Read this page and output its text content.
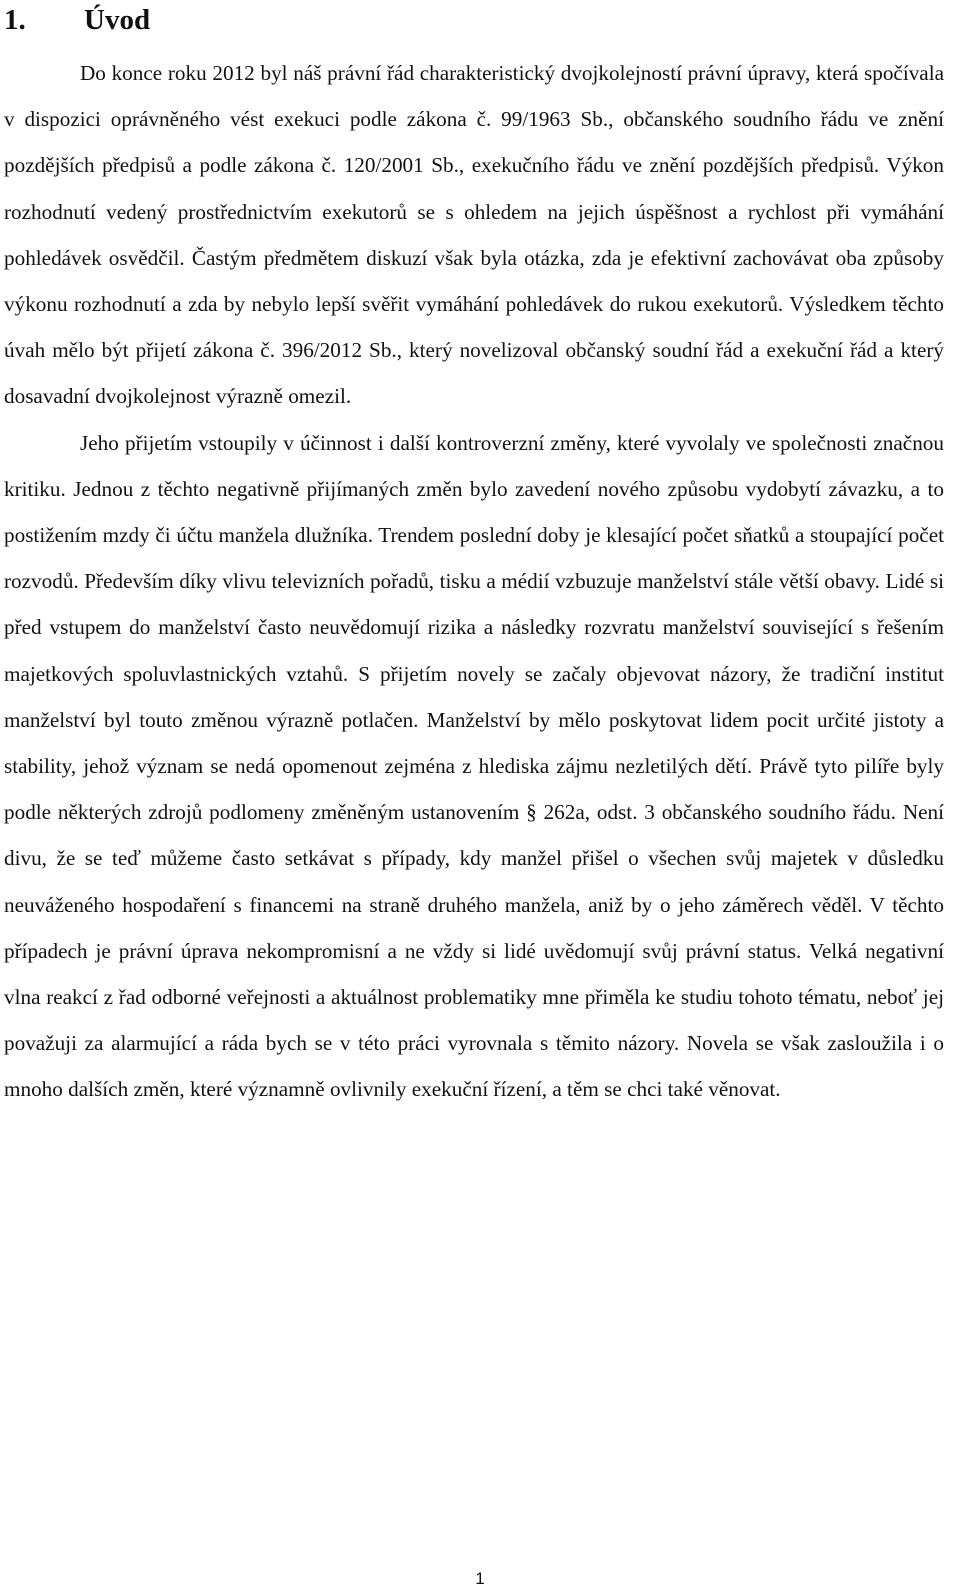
1.	Úvod

Do konce roku 2012 byl náš právní řád charakteristický dvojkolejností právní úpravy, která spočívala v dispozici oprávněného vést exekuci podle zákona č. 99/1963 Sb., občanského soudního řádu ve znění pozdějších předpisů a podle zákona č. 120/2001 Sb., exekučního řádu ve znění pozdějších předpisů. Výkon rozhodnutí vedený prostřednictvím exekutorů se s ohledem na jejich úspěšnost a rychlost při vymáhání pohledávek osvědčil. Častým předmětem diskuzí však byla otázka, zda je efektivní zachovávat oba způsoby výkonu rozhodnutí a zda by nebylo lepší svěřit vymáhání pohledávek do rukou exekutorů. Výsledkem těchto úvah mělo být přijetí zákona č. 396/2012 Sb., který novelizoval občanský soudní řád a exekuční řád a který dosavadní dvojkolejnost výrazně omezil.

Jeho přijetím vstoupily v účinnost i další kontroverzní změny, které vyvolaly ve společnosti značnou kritiku. Jednou z těchto negativně přijímaných změn bylo zavedení nového způsobu vydobytí závazku, a to postižením mzdy či účtu manžela dlužníka. Trendem poslední doby je klesající počet sňatků a stoupající počet rozvodů. Především díky vlivu televizních pořadů, tisku a médií vzbuzuje manželství stále větší obavy. Lidé si před vstupem do manželství často neuvědomují rizika a následky rozvratu manželství související s řešením majetkových spoluvlastnických vztahů. S přijetím novely se začaly objevovat názory, že tradiční institut manželství byl touto změnou výrazně potlačen. Manželství by mělo poskytovat lidem pocit určité jistoty a stability, jehož význam se nedá opomenout zejména z hlediska zájmu nezletilých dětí. Právě tyto pilíře byly podle některých zdrojů podlomeny změněným ustanovením § 262a, odst. 3 občanského soudního řádu. Není divu, že se teď můžeme často setkávat s případy, kdy manžel přišel o všechen svůj majetek v důsledku neuváženého hospodaření s financemi na straně druhého manžela, aniž by o jeho záměrech věděl. V těchto případech je právní úprava nekompromisní a ne vždy si lidé uvědomují svůj právní status. Velká negativní vlna reakcí z řad odborné veřejnosti a aktuálnost problematiky mne přiměla ke studiu tohoto tématu, neboť jej považuji za alarmující a ráda bych se v této práci vyrovnala s těmito názory. Novela se však zasloužila i o mnoho dalších změn, které významně ovlivnily exekuční řízení, a těm se chci také věnovat.

1
